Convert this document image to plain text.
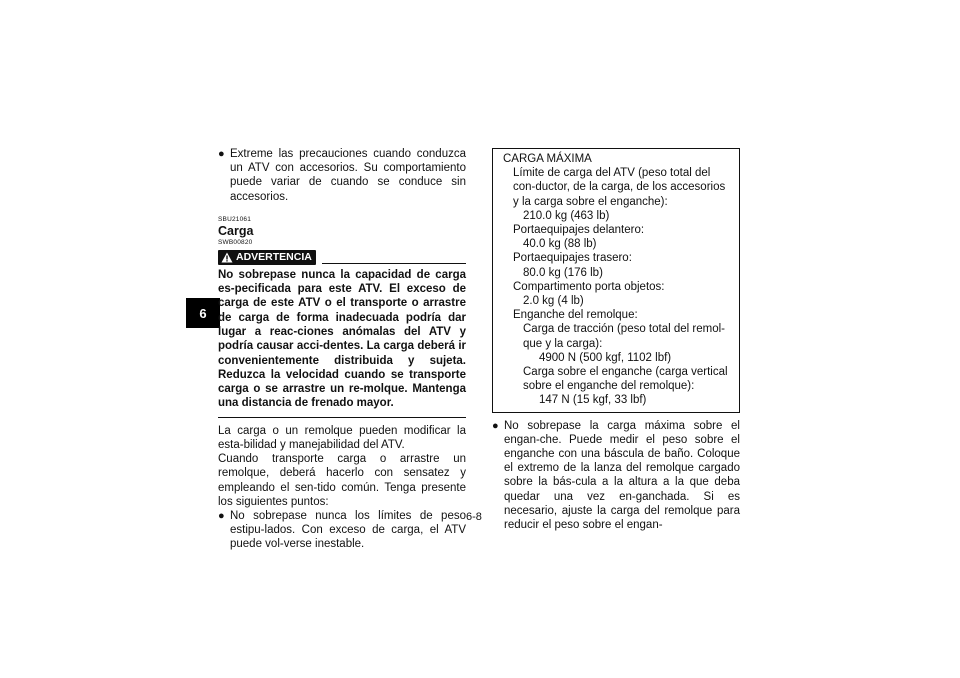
6
● Extreme las precauciones cuando conduzca un ATV con accesorios. Su comportamiento puede variar de cuando se conduce sin accesorios.
SBU21061
Carga
SWB00820
ADVERTENCIA
No sobrepase nunca la capacidad de carga es-pecificada para este ATV. El exceso de carga de este ATV o el transporte o arrastre de carga de forma inadecuada podría dar lugar a reac-ciones anómalas del ATV y podría causar acci-dentes. La carga deberá ir convenientemente distribuida y sujeta. Reduzca la velocidad cuando se transporte carga o se arrastre un re-molque. Mantenga una distancia de frenado mayor.
La carga o un remolque pueden modificar la esta-bilidad y manejabilidad del ATV.
Cuando transporte carga o arrastre un remolque, deberá hacerlo con sensatez y empleando el sen-tido común. Tenga presente los siguientes puntos:
● No sobrepase nunca los límites de peso estipu-lados. Con exceso de carga, el ATV puede vol-verse inestable.
CARGA MÁXIMA
Límite de carga del ATV (peso total del con-ductor, de la carga, de los accesorios y la carga sobre el enganche):
210.0 kg (463 lb)
Portaequipajes delantero:
40.0 kg (88 lb)
Portaequipajes trasero:
80.0 kg (176 lb)
Compartimento porta objetos:
2.0 kg (4 lb)
Enganche del remolque:
Carga de tracción (peso total del remol-que y la carga):
4900 N (500 kgf, 1102 lbf)
Carga sobre el enganche (carga vertical sobre el enganche del remolque):
147 N (15 kgf, 33 lbf)
● No sobrepase la carga máxima sobre el engan-che. Puede medir el peso sobre el enganche con una báscula de baño. Coloque el extremo de la lanza del remolque cargado sobre la bás-cula a la altura a la que deba quedar una vez en-ganchada. Si es necesario, ajuste la carga del remolque para reducir el peso sobre el engan-
6-8
